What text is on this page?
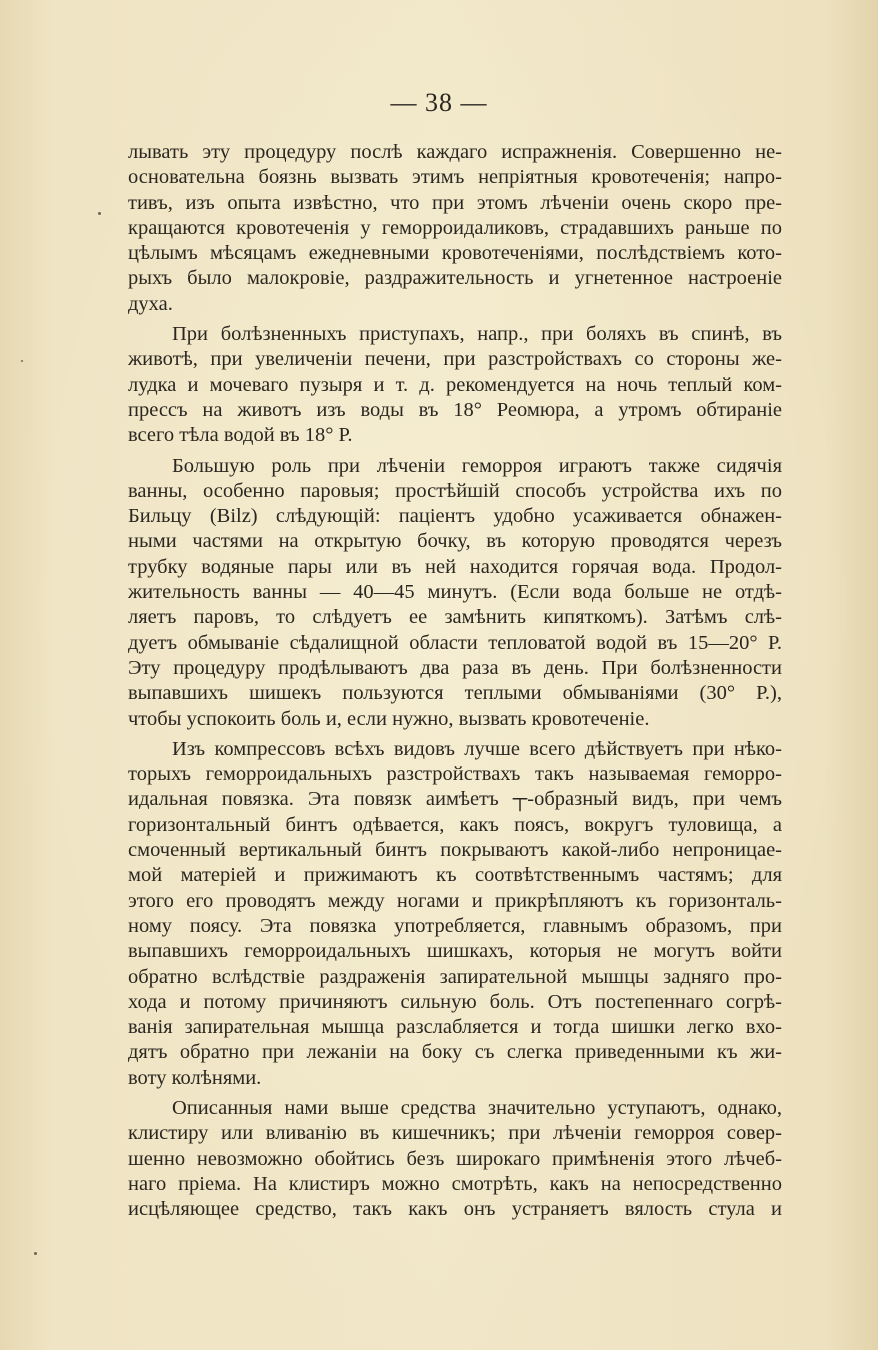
— 38 —
лывать эту процедуру послѣ каждаго испражненія. Совершенно не-
основательна боязнь вызвать этимъ непріятныя кровотеченія; напро-
тивъ, изъ опыта извѣстно, что при этомъ лѣченіи очень скоро пре-
кращаются кровотеченія у геморроидаликовъ, страдавшихъ раньше по
цѣлымъ мѣсяцамъ ежедневными кровотеченіями, послѣдствіемъ кото-
рыхъ было малокровіе, раздражительность и угнетенное настроеніе
духа.
При болѣзненныхъ приступахъ, напр., при боляхъ въ спинѣ, въ
животѣ, при увеличеніи печени, при разстройствахъ со стороны же-
лудка и мочеваго пузыря и т. д. рекомендуется на ночь теплый ком-
прессъ на животъ изъ воды въ 18° Реомюра, а утромъ обтираніе
всего тѣла водой въ 18° Р.
Большую роль при лѣченіи геморроя играютъ также сидячія
ванны, особенно паровыя; простѣйшій способъ устройства ихъ по
Бильцу (Bilz) слѣдующій: паціентъ удобно усаживается обнажен-
ными частями на открытую бочку, въ которую проводятся черезъ
трубку водяные пары или въ ней находится горячая вода. Продол-
жительность ванны — 40—45 минутъ. (Если вода больше не отдѣ-
ляетъ паровъ, то слѣдуетъ ее замѣнить кипяткомъ). Затѣмъ слѣ-
дуетъ обмываніе сѣдалищной области тепловатой водой въ 15—20° Р.
Эту процедуру продѣлываютъ два раза въ день. При болѣзненности
выпавшихъ шишекъ пользуются теплыми обмываніями (30° Р.),
чтобы успокоить боль и, если нужно, вызвать кровотеченіе.
Изъ компрессовъ всѣхъ видовъ лучше всего дѣйствуетъ при нѣко-
торыхъ геморроидальныхъ разстройствахъ такъ называемая геморро-
идальная повязка. Эта повязк аимѣетъ ┬-образный видъ, при чемъ
горизонтальный бинтъ одѣвается, какъ поясъ, вокругъ туловища, а
смоченный вертикальный бинтъ покрываютъ какой-либо непроницае-
мой матеріей и прижимаютъ къ соотвѣтственнымъ частямъ; для
этого его проводятъ между ногами и прикрѣпляютъ къ горизонталь-
ному поясу. Эта повязка употребляется, главнымъ образомъ, при
выпавшихъ геморроидальныхъ шишкахъ, которыя не могутъ войти
обратно вслѣдствіе раздраженія запирательной мышцы задняго про-
хода и потому причиняютъ сильную боль. Отъ постепеннаго согрѣ-
ванія запирательная мышца разслабляется и тогда шишки легко вхо-
дятъ обратно при лежаніи на боку съ слегка приведенными къ жи-
воту колѣнями.
Описанныя нами выше средства значительно уступаютъ, однако,
клистиру или вливанію въ кишечникъ; при лѣченіи геморроя совер-
шенно невозможно обойтись безъ широкаго примѣненія этого лѣчеб-
наго пріема. На клистиръ можно смотрѣть, какъ на непосредственно
исцѣляющее средство, такъ какъ онъ устраняетъ вялость стула и
